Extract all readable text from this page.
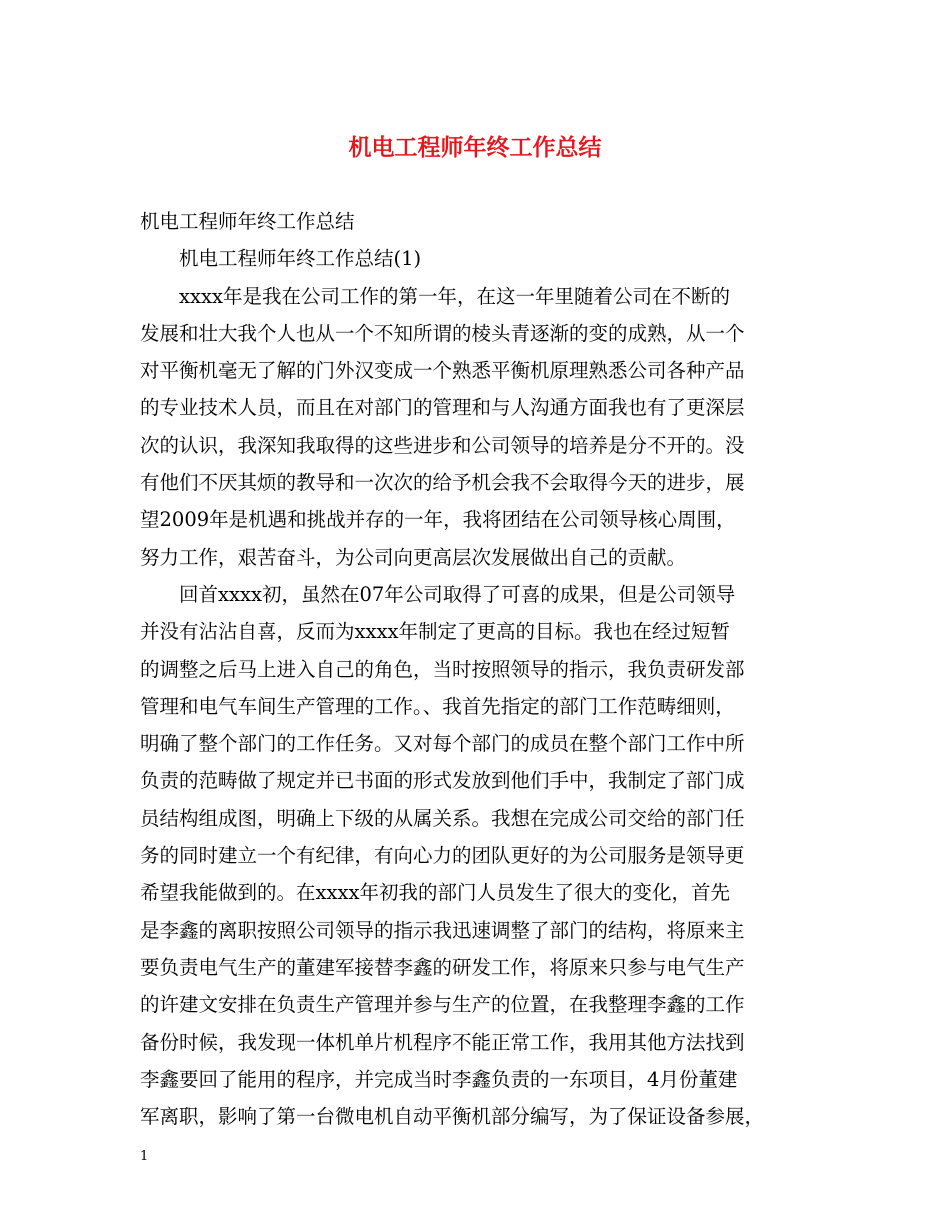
机电工程师年终工作总结

机电工程师年终工作总结

　　机电工程师年终工作总结(1)

　　xxxx年是我在公司工作的第一年，在这一年里随着公司在不断的

发展和壮大我个人也从一个不知所谓的棱头青逐渐的变的成熟，从一个

对平衡机毫无了解的门外汉变成一个熟悉平衡机原理熟悉公司各种产品

的专业技术人员，而且在对部门的管理和与人沟通方面我也有了更深层

次的认识，我深知我取得的这些进步和公司领导的培养是分不开的。没

有他们不厌其烦的教导和一次次的给予机会我不会取得今天的进步，展

望2009年是机遇和挑战并存的一年，我将团结在公司领导核心周围，

努力工作，艰苦奋斗，为公司向更高层次发展做出自己的贡献。

　　回首xxxx初，虽然在07年公司取得了可喜的成果，但是公司领导

并没有沾沾自喜，反而为xxxx年制定了更高的目标。我也在经过短暂

的调整之后马上进入自己的角色，当时按照领导的指示，我负责研发部

管理和电气车间生产管理的工作。、我首先指定的部门工作范畴细则，

明确了整个部门的工作任务。又对每个部门的成员在整个部门工作中所

负责的范畴做了规定并已书面的形式发放到他们手中，我制定了部门成

员结构组成图，明确上下级的从属关系。我想在完成公司交给的部门任

务的同时建立一个有纪律，有向心力的团队更好的为公司服务是领导更

希望我能做到的。在xxxx年初我的部门人员发生了很大的变化，首先

是李鑫的离职按照公司领导的指示我迅速调整了部门的结构，将原来主

要负责电气生产的董建军接替李鑫的研发工作，将原来只参与电气生产

的许建文安排在负责生产管理并参与生产的位置，在我整理李鑫的工作

备份时候，我发现一体机单片机程序不能正常工作，我用其他方法找到

李鑫要回了能用的程序，并完成当时李鑫负责的一东项目，4月份董建

军离职，影响了第一台微电机自动平衡机部分编写，为了保证设备参展，

1
